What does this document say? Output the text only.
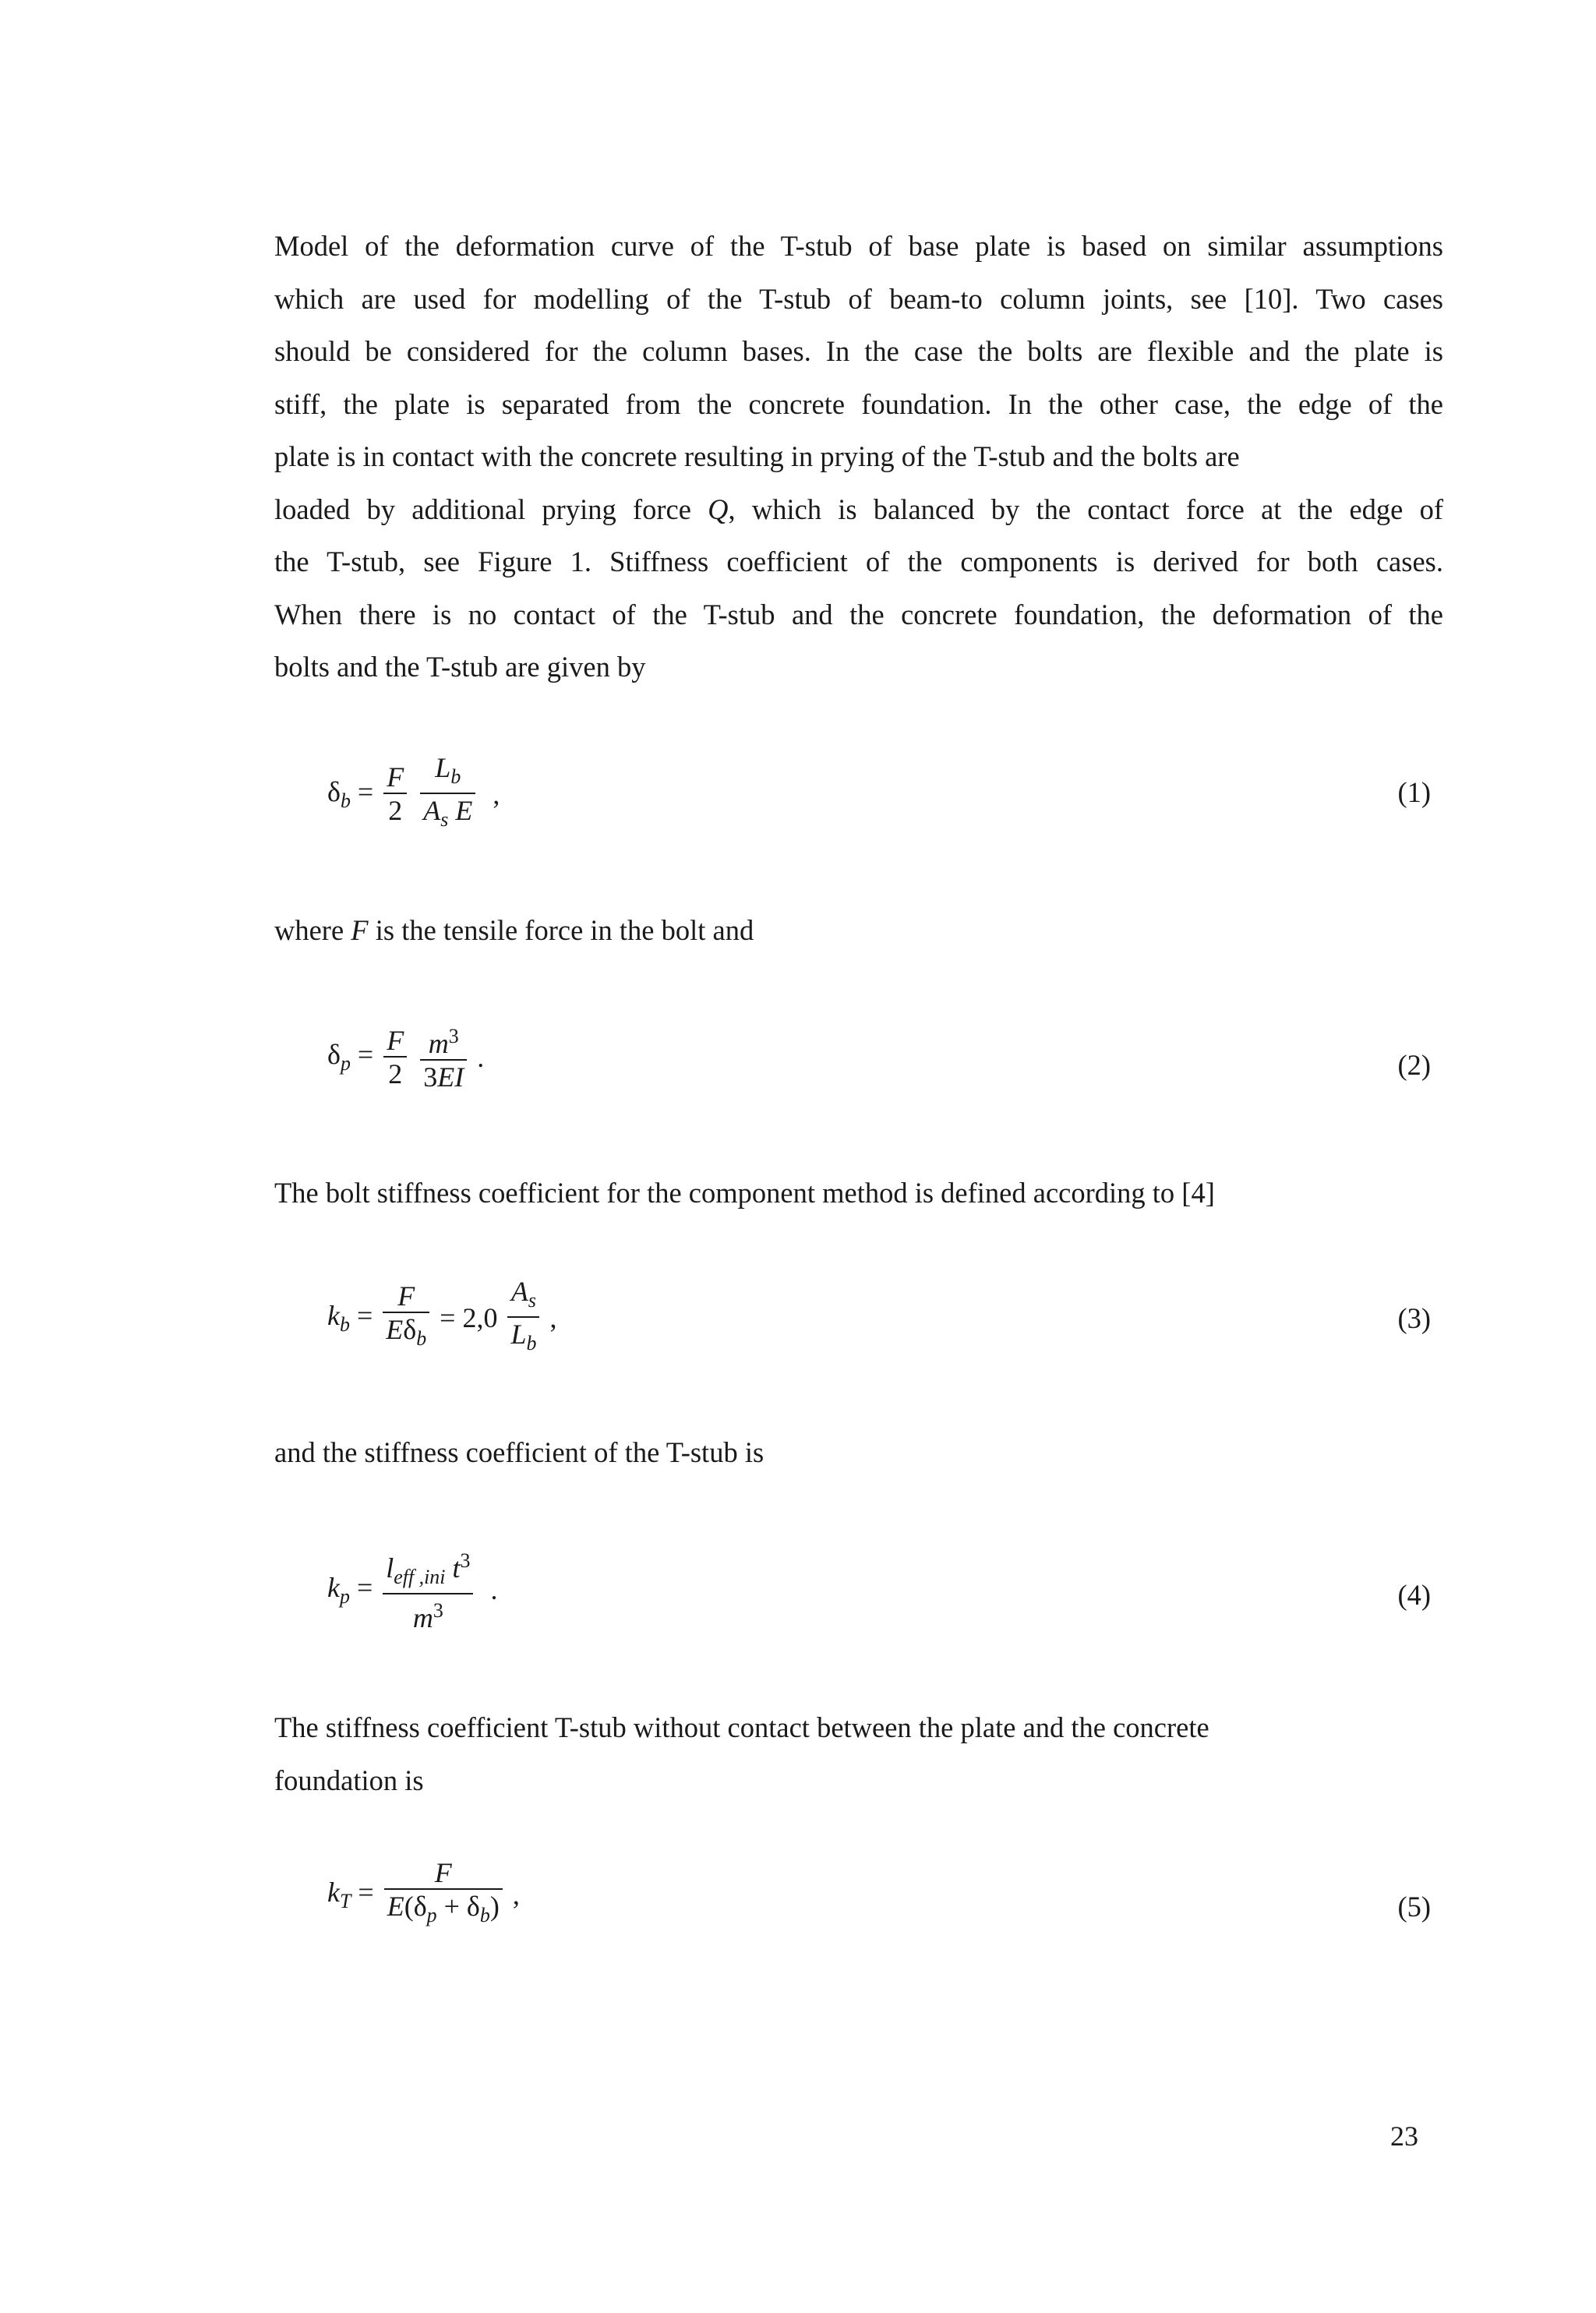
Model of the deformation curve of the T-stub of base plate is based on similar assumptions
which are used for modelling of the T-stub of beam-to column joints, see [10]. Two cases
should be considered for the column bases. In the case the bolts are flexible and the plate is
stiff, the plate is separated from the concrete foundation. In the other case, the edge of the
plate is in contact with the concrete resulting in prying of the T-stub and the bolts are
loaded by additional prying force Q, which is balanced by the contact force at the edge of
the T-stub, see Figure 1. Stiffness coefficient of the components is derived for both cases.
When there is no contact of the T-stub and the concrete foundation, the deformation of the
bolts and the T-stub are given by
$\delta_b = \frac{F}{2}$
$\frac{L_b}{A_s E}$ ,	(1)
where F is the tensile force in the bolt and
$\delta_p = \frac{F}{2}$
$\frac{m^3}{3EI}$ .	(2)
The bolt stiffness coefficient for the component method is defined according to [4]
$k_b = \frac{F}{E\delta_b} = 2,0 \frac{A_s}{L_b}$ ,	(3)
and the stiffness coefficient of the T-stub is
$k_p = \frac{l_{eff ,ini} t^3}{m^3}$ .	(4)
The stiffness coefficient T-stub without contact between the plate and the concrete
foundation is
$k_T = \frac{F}{E(\delta_p + \delta_b)}$ ,	(5)
23
